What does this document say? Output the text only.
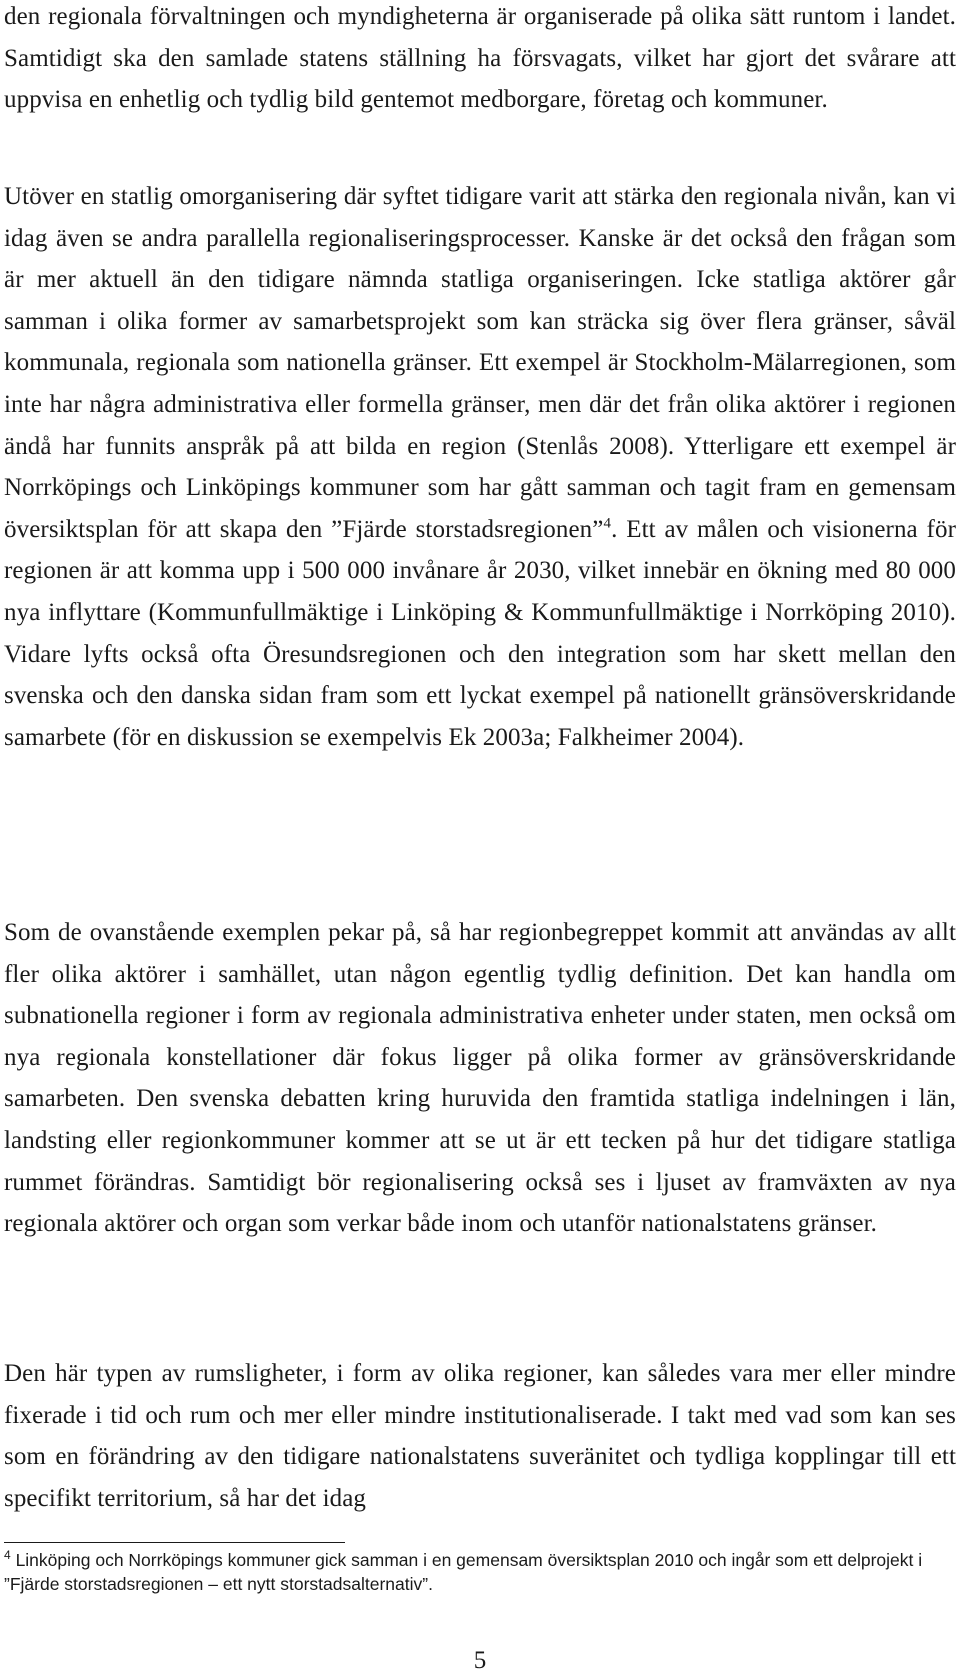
den regionala förvaltningen och myndigheterna är organiserade på olika sätt runtom i landet. Samtidigt ska den samlade statens ställning ha försvagats, vilket har gjort det svårare att uppvisa en enhetlig och tydlig bild gentemot medborgare, företag och kommuner.

Utöver en statlig omorganisering där syftet tidigare varit att stärka den regionala nivån, kan vi idag även se andra parallella regionaliseringsprocesser. Kanske är det också den frågan som är mer aktuell än den tidigare nämnda statliga organiseringen. Icke statliga aktörer går samman i olika former av samarbetsprojekt som kan sträcka sig över flera gränser, såväl kommunala, regionala som nationella gränser. Ett exempel är Stockholm-Mälarregionen, som inte har några administrativa eller formella gränser, men där det från olika aktörer i regionen ändå har funnits anspråk på att bilda en region (Stenlås 2008). Ytterligare ett exempel är Norrköpings och Linköpings kommuner som har gått samman och tagit fram en gemensam översiktsplan för att skapa den ”Fjärde storstadsregionen”$^4$. Ett av målen och visionerna för regionen är att komma upp i 500 000 invånare år 2030, vilket innebär en ökning med 80 000 nya inflyttare (Kommunfullmäktige i Linköping & Kommunfullmäktige i Norrköping 2010). Vidare lyfts också ofta Öresundsregionen och den integration som har skett mellan den svenska och den danska sidan fram som ett lyckat exempel på nationellt gränsöverskridande samarbete (för en diskussion se exempelvis Ek 2003a; Falkheimer 2004).

Som de ovanstående exemplen pekar på, så har regionbegreppet kommit att användas av allt fler olika aktörer i samhället, utan någon egentlig tydlig definition. Det kan handla om subnationella regioner i form av regionala administrativa enheter under staten, men också om nya regionala konstellationer där fokus ligger på olika former av gränsöverskridande samarbeten. Den svenska debatten kring huruvida den framtida statliga indelningen i län, landsting eller regionkommuner kommer att se ut är ett tecken på hur det tidigare statliga rummet förändras. Samtidigt bör regionalisering också ses i ljuset av framväxten av nya regionala aktörer och organ som verkar både inom och utanför nationalstatens gränser.

Den här typen av rumsligheter, i form av olika regioner, kan således vara mer eller mindre fixerade i tid och rum och mer eller mindre institutionaliserade. I takt med vad som kan ses som en förändring av den tidigare nationalstatens suveränitet och tydliga kopplingar till ett specifikt territorium, så har det idag

$^4$ Linköping och Norrköpings kommuner gick samman i en gemensam översiktsplan 2010 och ingår som ett delprojekt i ”Fjärde storstadsregionen – ett nytt storstadsalternativ”.

5
